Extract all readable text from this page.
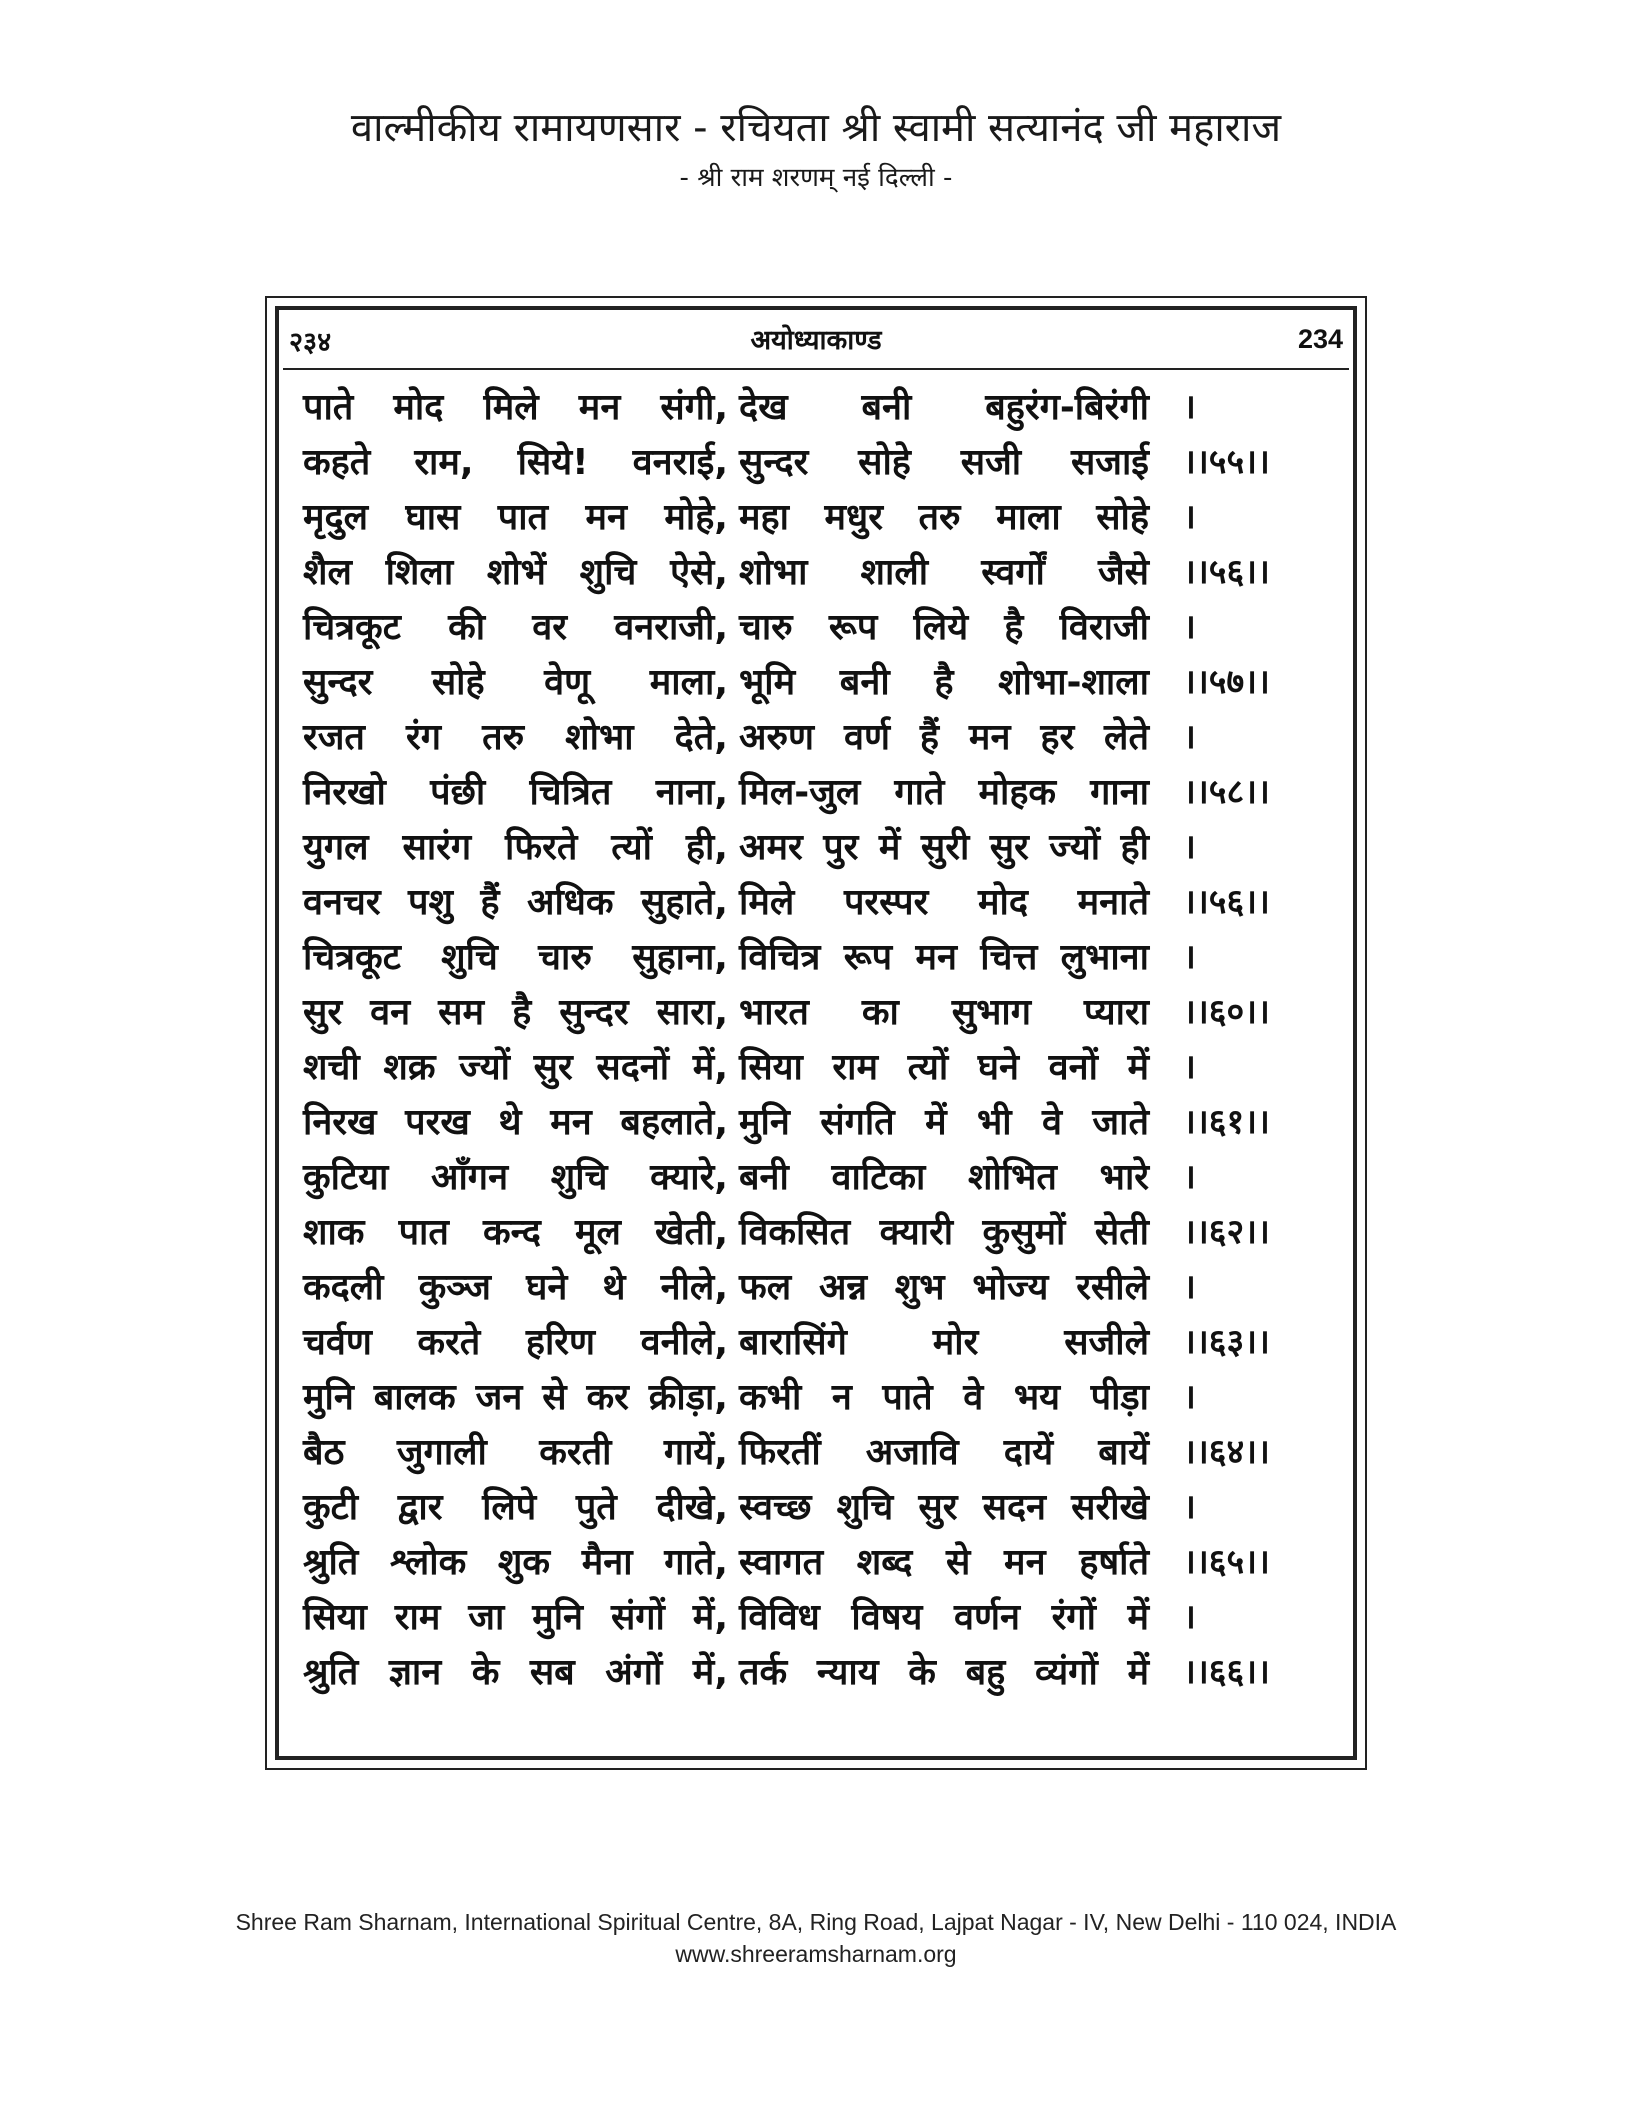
वाल्मीकीय रामायणसार - रचियता श्री स्वामी सत्यानंद जी महाराज
- श्री राम शरणम् नई दिल्ली -
२३४	अयोध्याकाण्ड	234
पाते मोद मिले मन संगी, देख बनी बहुरंग-बिरंगी ।
कहते राम, सिये! वनराई, सुन्दर सोहे सजी सजाई ।।५५।।
मृदुल घास पात मन मोहे, महा मधुर तरु माला सोहे ।
शैल शिला शोभें शुचि ऐसे, शोभा शाली स्वर्गों जैसे ।।५६।।
चित्रकूट की वर वनराजी, चारु रूप लिये है विराजी ।
सुन्दर सोहे वेणू माला, भूमि बनी है शोभा-शाला ।।५७।।
रजत रंग तरु शोभा देते, अरुण वर्ण हैं मन हर लेते ।
निरखो पंछी चित्रित नाना, मिल-जुल गाते मोहक गाना ।।५८।।
युगल सारंग फिरते त्यों ही, अमर पुर में सुरी सुर ज्यों ही ।
वनचर पशु हैं अधिक सुहाते, मिले परस्पर मोद मनाते ।।५६।।
चित्रकूट शुचि चारु सुहाना, विचित्र रूप मन चित्त लुभाना ।
सुर वन सम है सुन्दर सारा, भारत का सुभाग प्यारा ।।६०।।
शची शक्र ज्यों सुर सदनों में, सिया राम त्यों घने वनों में ।
निरख परख थे मन बहलाते, मुनि संगति में भी वे जाते ।।६१।।
कुटिया आँगन शुचि क्यारे, बनी वाटिका शोभित भारे ।
शाक पात कन्द मूल खेती, विकसित क्यारी कुसुमों सेती ।।६२।।
कदली कुञ्ज घने थे नीले, फल अन्न शुभ भोज्य रसीले ।
चर्वण करते हरिण वनीले, बारासिंगे मोर सजीले ।।६३।।
मुनि बालक जन से कर क्रीड़ा, कभी न पाते वे भय पीड़ा ।
बैठ जुगाली करती गायें, फिरतीं अजावि दायें बायें ।।६४।।
कुटी द्वार लिपे पुते दीखे, स्वच्छ शुचि सुर सदन सरीखे ।
श्रुति श्लोक शुक मैना गाते, स्वागत शब्द से मन हर्षाते ।।६५।।
सिया राम जा मुनि संगों में, विविध विषय वर्णन रंगों में ।
श्रुति ज्ञान के सब अंगों में, तर्क न्याय के बहु व्यंगों में ।।६६।।
Shree Ram Sharnam, International Spiritual Centre, 8A, Ring Road, Lajpat Nagar - IV, New Delhi - 110 024, INDIA
www.shreeramsharnam.org
